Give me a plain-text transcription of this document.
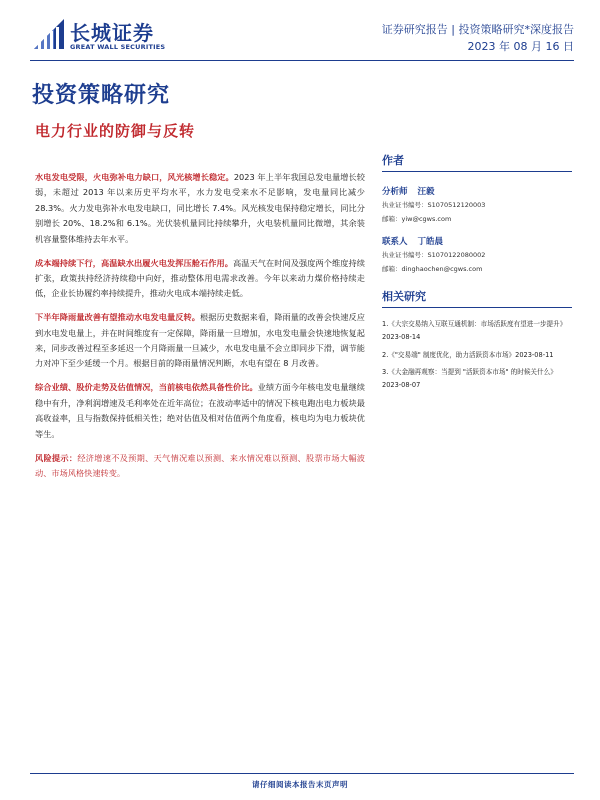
长城证券
GREAT WALL SECURITIES
证券研究报告 | 投资策略研究*深度报告
2023 年 08 月 16 日
投资策略研究
电力行业的防御与反转

水电发电受限，火电弥补电力缺口，风光核增长稳定。2023 年上半年我国总发电量增长较弱，未超过 2013 年以来历史平均水平，水力发电受来水不足影响，发电量同比减少 28.3%。火力发电弥补水电发电缺口，同比增长 7.4%。风光核发电保持稳定增长，同比分别增长 20%、18.2%和 6.1%。光伏装机量同比持续攀升，火电装机量同比微增，其余装机容量整体维持去年水平。

成本端持续下行，高温缺水出履火电发挥压舱石作用。高温天气在时间及强度两个维度持续扩张，政策扶持经济持续稳中向好，推动整体用电需求改善。今年以来动力煤价格持续走低，企业长协履约率持续提升，推动火电成本端持续走低。

下半年降雨量改善有望推动水电发电量反转。根据历史数据来看，降雨量的改善会快速反应到水电发电量上，并在时间维度有一定保障，降雨量一旦增加，水电发电量会快速地恢复起来，同步改善过程至多延迟一个月降雨量一旦减少，水电发电量不会立即同步下滑，调节能力对冲下至少延缓一个月。根据目前的降雨量情况判断，水电有望在 8 月改善。

综合业绩、股价走势及估值情况，当前核电依然具备性价比。业绩方面今年核电发电量继续稳中有升，净利润增速及毛利率处在近年高位；在波动率适中的情况下核电跑出电力板块最高收益率，且与指数保持低相关性；绝对估值及相对估值两个角度看，核电均为电力板块优等生。

风险提示：经济增速不及预期、天气情况难以预测、来水情况难以预测、股票市场大幅波动、市场风格快速转变。

作者
分析师 汪毅
执业证书编号：S1070512120003
邮箱：yiw@cgws.com
联系人 丁皓晨
执业证书编号：S1070122080002
邮箱：dinghaochen@cgws.com
相关研究
1.《大宗交易纳入互联互通机制：市场活跃度有望进一步提升》2023-08-14
2.《"交易端" 制度优化，助力活跃资本市场》2023-08-11
3.《大金融再观察：当提到 "活跃资本市场" 的时候关什么》2023-08-07
请仔细阅读本报告末页声明
